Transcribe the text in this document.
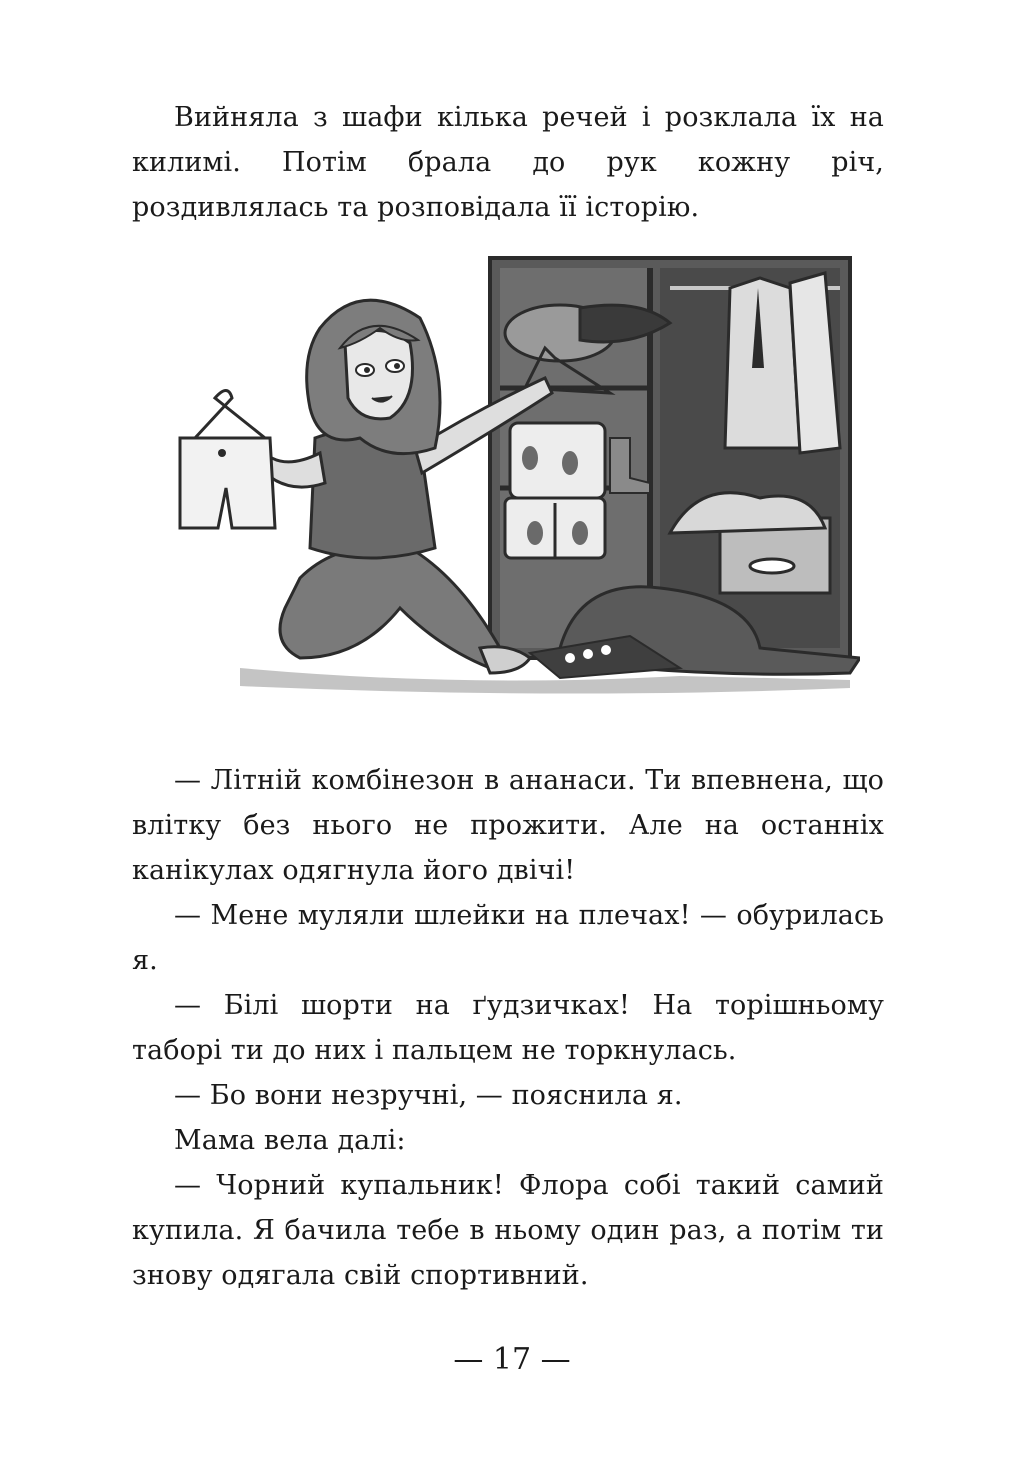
Вийняла з шафи кілька речей і розклала їх на килимі. Потім брала до рук кожну річ, роздивлялась та розповідала її історію.

— Літній комбінезон в ананаси. Ти впевнена, що влітку без нього не прожити. Але на останніх канікулах одягнула його двічі!

— Мене муляли шлейки на плечах! — обурилась я.

— Білі шорти на ґудзичках! На торішньому таборі ти до них і пальцем не торкнулась.

— Бо вони незручні, — пояснила я.

Мама вела далі:

— Чорний купальник! Флора собі такий самий купила. Я бачила тебе в ньому один раз, а потім ти знову одягала свій спортивний.

— 17 —
